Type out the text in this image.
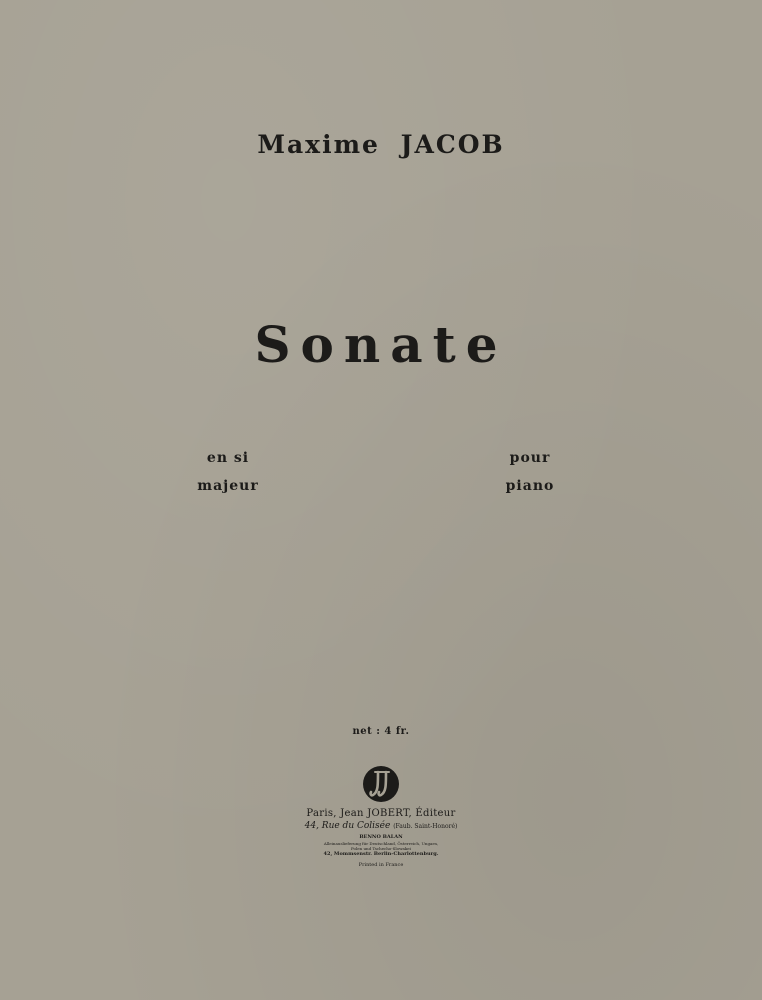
Maxime JACOB
Sonate
en si
majeur
pour
piano
net : 4 fr.
Paris, Jean JOBERT, Éditeur
44, Rue du Colisée (Faub. Saint-Honoré)
BENNO BALAN
Alleinauslieferung für Deutschland, Österreich, Ungarn,
Polen und Tschecho-Slowakei
42, Mommsenstr. Berlin-Charlottenburg.
Printed in France
